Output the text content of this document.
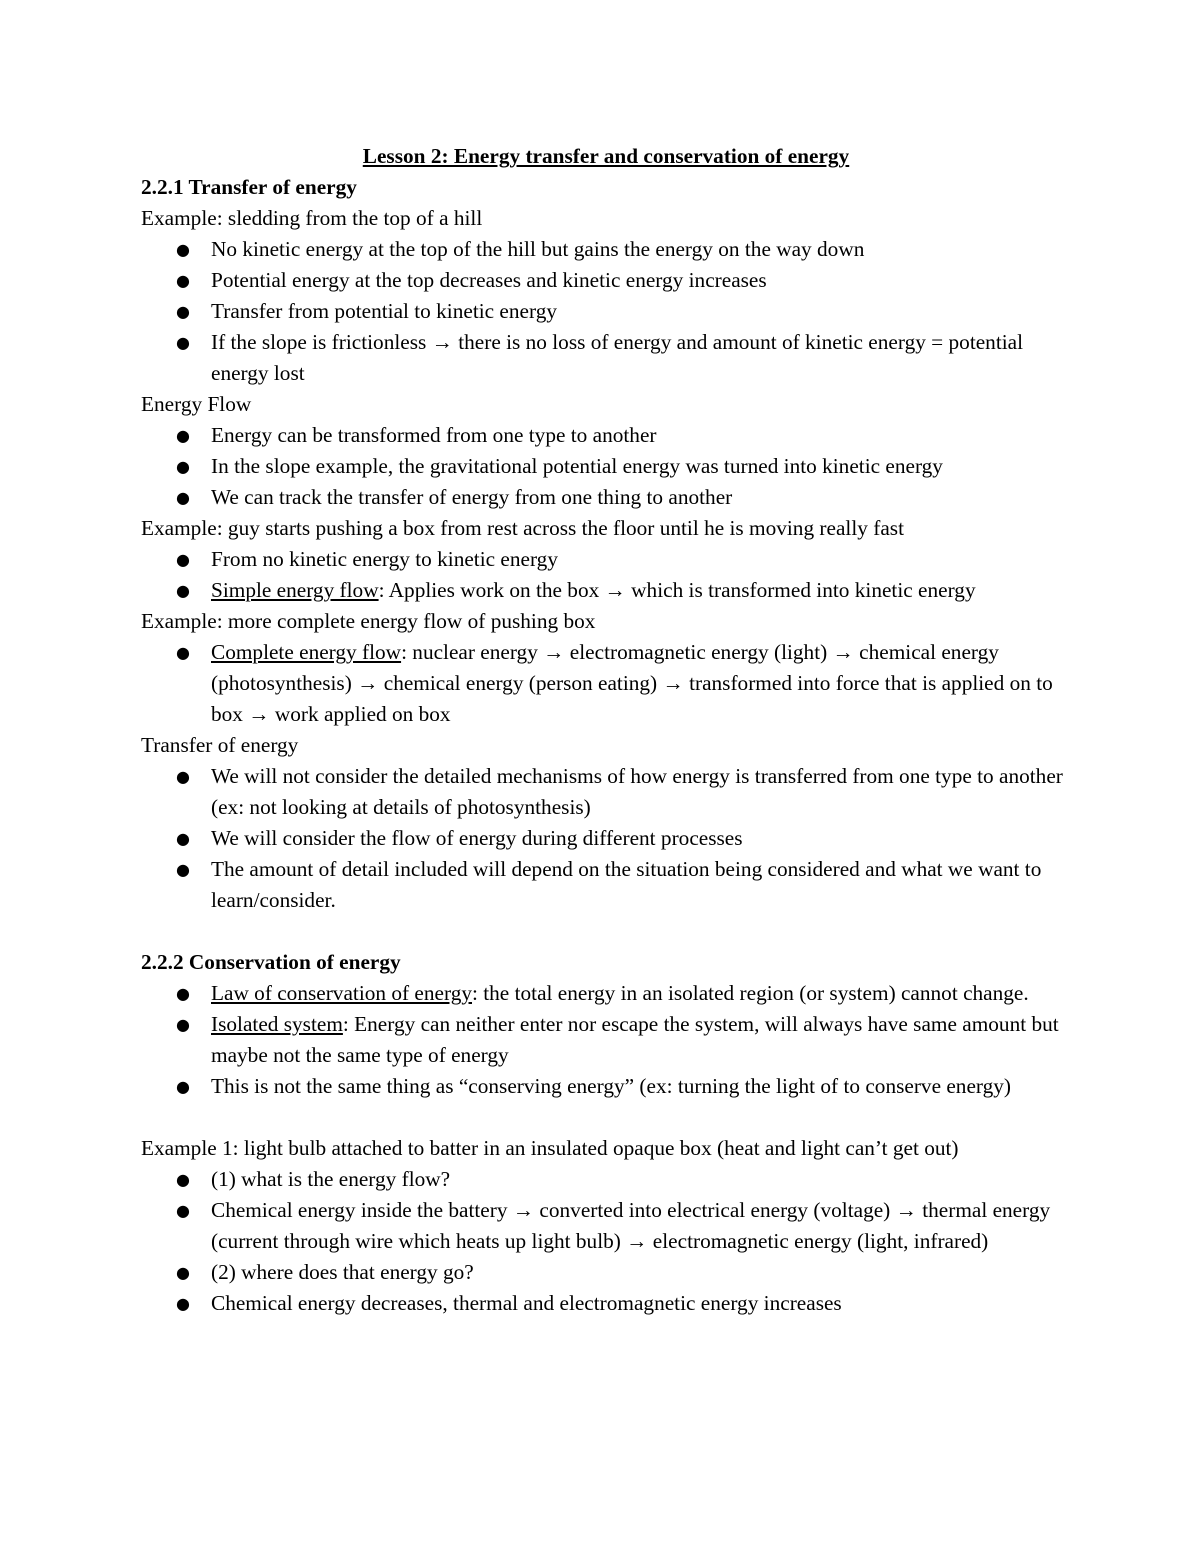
Lesson 2: Energy transfer and conservation of energy

2.2.1 Transfer of energy

Example: sledding from the top of a hill

● No kinetic energy at the top of the hill but gains the energy on the way down
● Potential energy at the top decreases and kinetic energy increases
● Transfer from potential to kinetic energy
● If the slope is frictionless → there is no loss of energy and amount of kinetic energy = potential energy lost

Energy Flow

● Energy can be transformed from one type to another
● In the slope example, the gravitational potential energy was turned into kinetic energy
● We can track the transfer of energy from one thing to another

Example: guy starts pushing a box from rest across the floor until he is moving really fast

● From no kinetic energy to kinetic energy
● Simple energy flow: Applies work on the box → which is transformed into kinetic energy

Example: more complete energy flow of pushing box

● Complete energy flow: nuclear energy → electromagnetic energy (light) → chemical energy (photosynthesis) → chemical energy (person eating) → transformed into force that is applied on to box → work applied on box

Transfer of energy

● We will not consider the detailed mechanisms of how energy is transferred from one type to another (ex: not looking at details of photosynthesis)
● We will consider the flow of energy during different processes
● The amount of detail included will depend on the situation being considered and what we want to learn/consider.

2.2.2 Conservation of energy

● Law of conservation of energy: the total energy in an isolated region (or system) cannot change.
● Isolated system: Energy can neither enter nor escape the system, will always have same amount but maybe not the same type of energy
● This is not the same thing as “conserving energy” (ex: turning the light of to conserve energy)

Example 1: light bulb attached to batter in an insulated opaque box (heat and light can’t get out)

● (1) what is the energy flow?
● Chemical energy inside the battery → converted into electrical energy (voltage) → thermal energy (current through wire which heats up light bulb) → electromagnetic energy (light, infrared)
● (2) where does that energy go?
● Chemical energy decreases, thermal and electromagnetic energy increases
